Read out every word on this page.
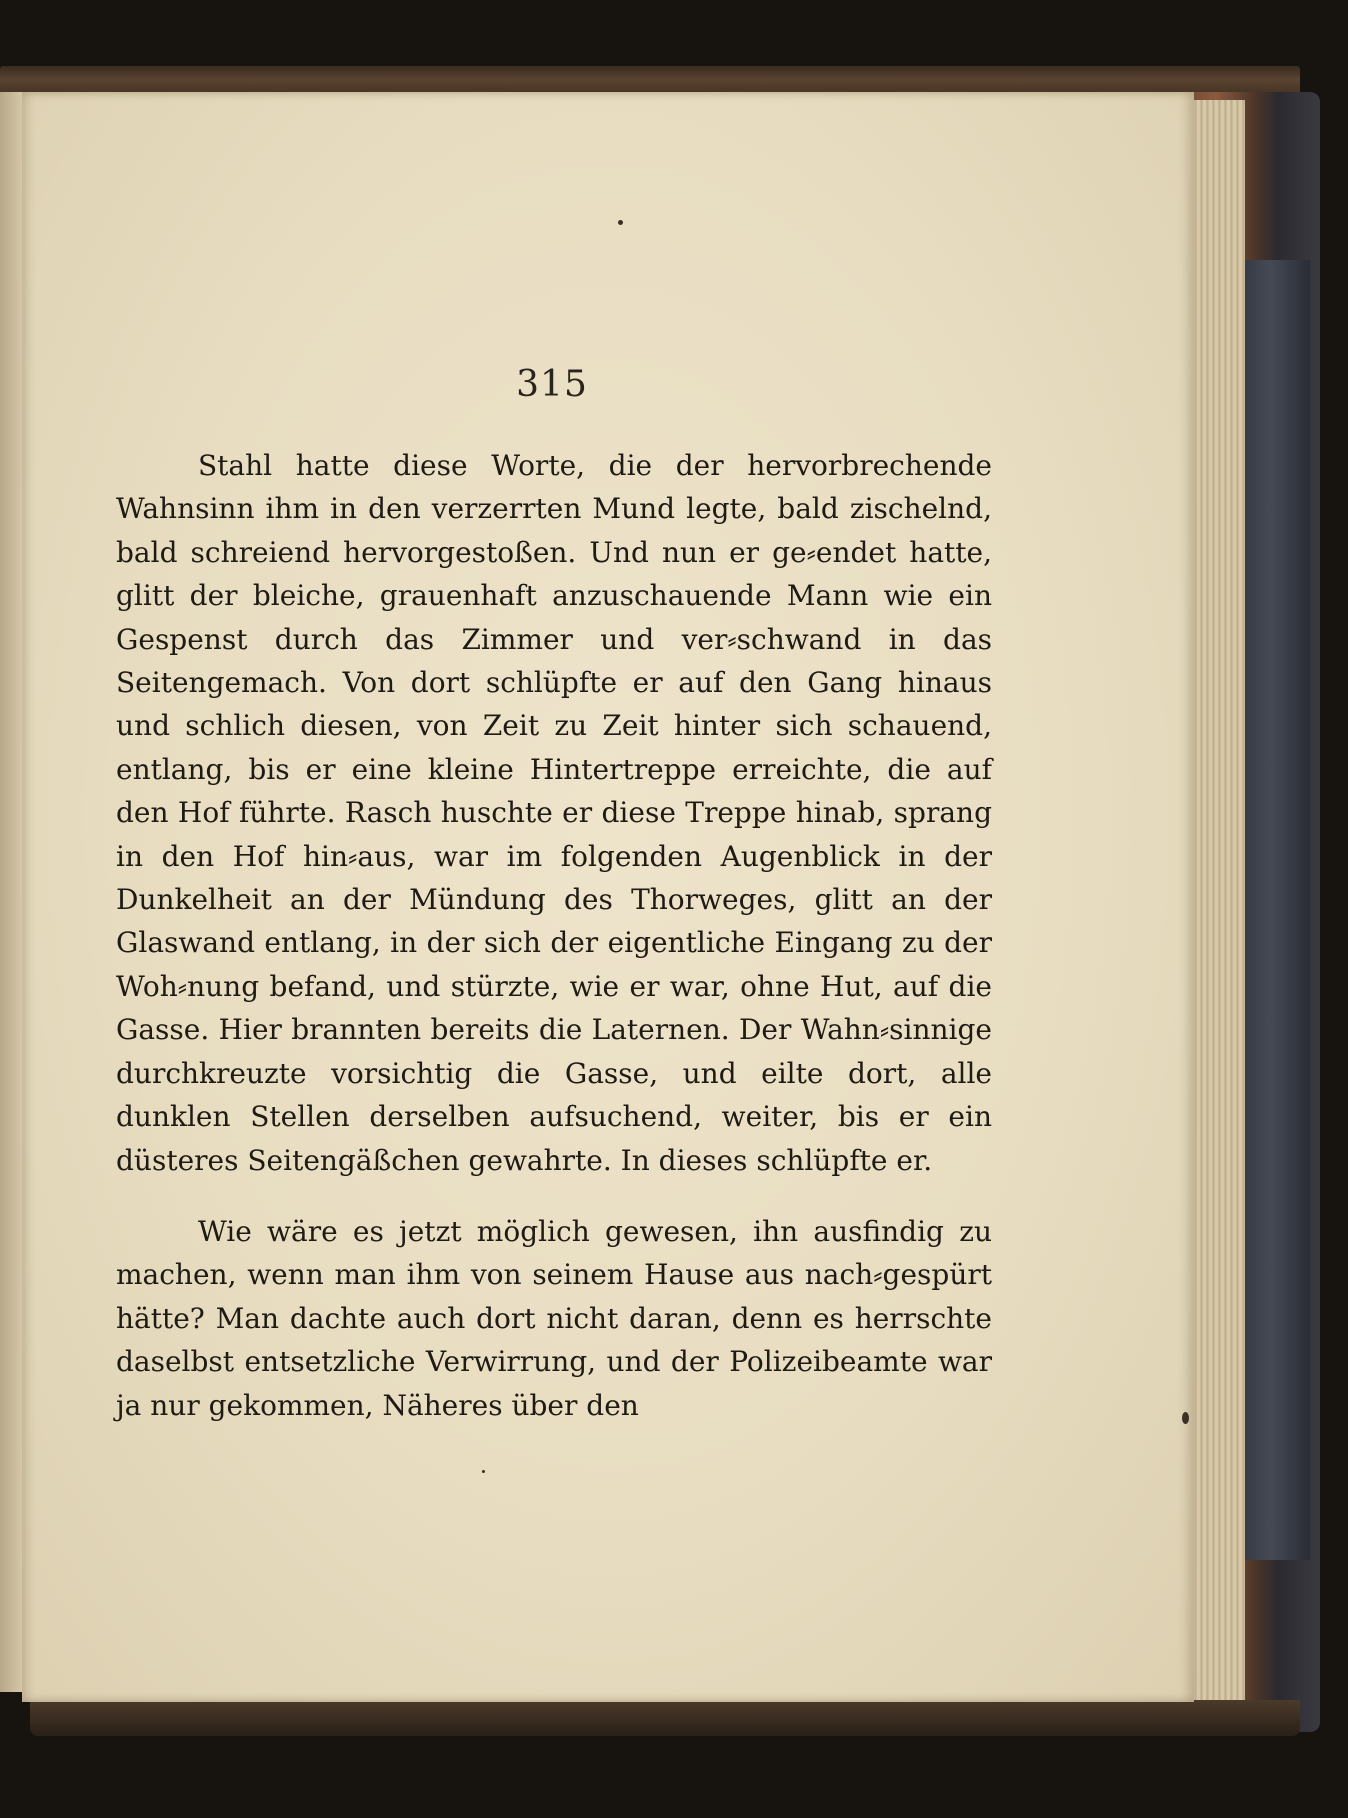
315

Stahl hatte diese Worte, die der hervorbrechende Wahnsinn ihm in den verzerrten Mund legte, bald zischelnd, bald schreiend hervorgestoßen. Und nun er ge⸗endet hatte, glitt der bleiche, grauenhaft anzuschauende Mann wie ein Gespenst durch das Zimmer und ver⸗schwand in das Seitengemach. Von dort schlüpfte er auf den Gang hinaus und schlich diesen, von Zeit zu Zeit hinter sich schauend, entlang, bis er eine kleine Hintertreppe erreichte, die auf den Hof führte. Rasch huschte er diese Treppe hinab, sprang in den Hof hin⸗aus, war im folgenden Augenblick in der Dunkelheit an der Mündung des Thorweges, glitt an der Glaswand entlang, in der sich der eigentliche Eingang zu der Woh⸗nung befand, und stürzte, wie er war, ohne Hut, auf die Gasse. Hier brannten bereits die Laternen. Der Wahn⸗sinnige durchkreuzte vorsichtig die Gasse, und eilte dort, alle dunklen Stellen derselben aufsuchend, weiter, bis er ein düsteres Seitengäßchen gewahrte. In dieses schlüpfte er.

Wie wäre es jetzt möglich gewesen, ihn ausfindig zu machen, wenn man ihm von seinem Hause aus nach⸗gespürt hätte? Man dachte auch dort nicht daran, denn es herrschte daselbst entsetzliche Verwirrung, und der Polizeibeamte war ja nur gekommen, Näheres über den
